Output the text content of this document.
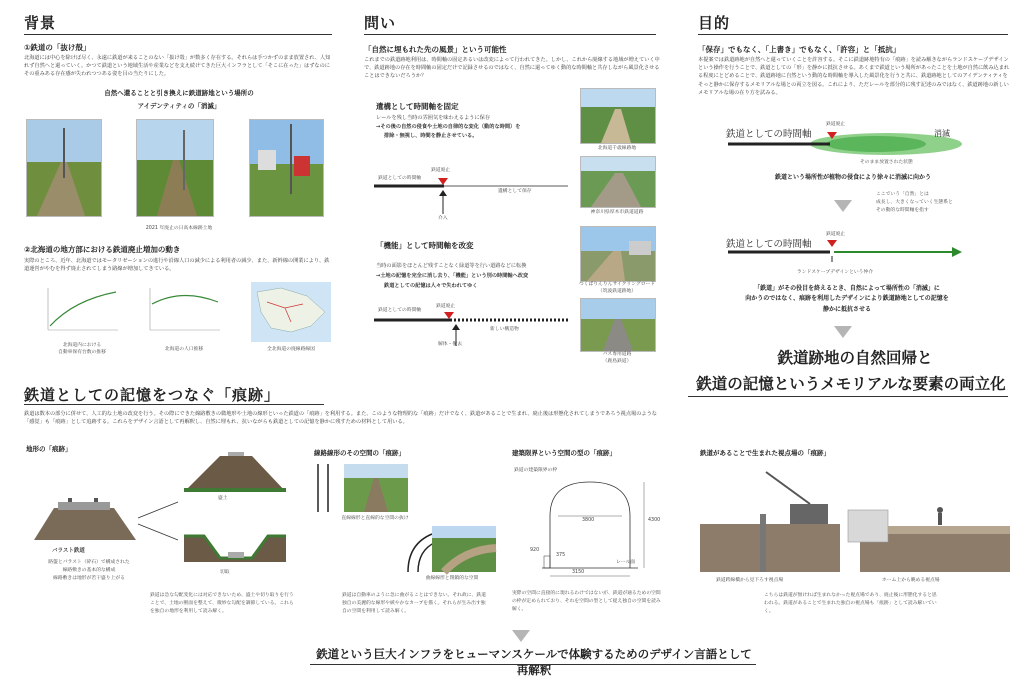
背景
①鉄道の「抜け殻」
北海道には中心を除けば尽く、永遠に鉄道が来ることのない「抜け殻」が数多く存在する。それらは手つかずのまま放置され、人知れず自然へと還っていく。かつて鉄道という地域生活や産業などを支え続けてきた巨大インフラとして「そこに在った」はずなのにその重みある存在感が失われつつある姿を目の当たりにした。
自然へ還ることと引き換えに鉄道跡地という場所の
アイデンティティの「消滅」
2021 年廃止の日高本線跡土地
②北海道の地方部における鉄道廃止増加の動き
実際のところ、近年、北海道ではモータリゼーションの進行や沿線人口の減少による利用者の減少、また、新幹線の開業により、鉄道運営がやむを得ず廃止されてしまう路線が増加してきている。
北海道内における
自動車保有台数の推移	北海道の人口推移	全北海道の廃線路線図
問い
「自然に埋もれた先の風景」という可能性
これまでの鉄道跡地利用は、時間軸の固定あるいは改変によって行われてきた。しかし、これから廃線する地域が増えていく中で、鉄道跡地の存在を時間軸の固定だけで記録させるのではなく、自然に還ってゆく動的な時間軸と共存しながら風景化させることはできないだろうか？
遺構として時間軸を固定
レールを残し当時の雰囲気を味わえるように保存
→その後の自然の侵食や土地の自律的な変化（動的な時間）を
排除・無視し、時間を静止させている。
鉄道としての時間軸
鉄道廃止
遺構として保存
介入
「機能」として時間軸を改変
当時の面影をほとんど残すことなく緑道等を行い道路などに転換
→土地の記憶を完全に消し去り、「機能」という別の時間軸へ改変
鉄道としての記憶は人々で失われてゆく
鉄道としての時間軸
鉄道廃止
新しい構造物
解体・撤去
北海道千歳線跡地
神奈川県厚木市鉄道道路
つくばりんりんサイクリングロード
（筑波鉄道跡地）
バス専用道路
（鹿島鉄道）
目的
「保存」でもなく、「上書き」でもなく、「許容」と「抵抗」
本提案では鉄道跡地が自然へと還っていくことを許容する。そこに鉄道跡地特有の「痕跡」を読み解きながらランドスケープデザインという操作を行うことで、鉄道としての「形」を静かに抵抗させる。あくまで鉄道という場所があったことを土地が自然に飲み込まれる程度にとどめることで、鉄道跡地に自然という動的な時間軸を導入した風景化を行うと共に、鉄道跡地としてのアイデンティティをそっと静かに保存するメモリアルな場との両立を図る。これにより、ただレールを部分的に残す記述のみではなく、鉄道跡地の新しいメモリアルな場の在り方を試みる。
鉄道としての時間軸
鉄道廃止
消滅
そのまま放置された状態
鉄道という場所性が植物の侵食により徐々に消滅に向かう
ここでいう「自然」とは
成長し、大きくなっていく生態系と
その動的な時間軸を指す
鉄道としての時間軸
鉄道廃止
ランドスケープデザインという仲介
「鉄道」がその役目を終えるとき、自然によって場所性の「消滅」に
向かうのではなく、痕跡を利用したデザインにより鉄道跡地としての記憶を
静かに抵抗させる
鉄道跡地の自然回帰と
鉄道の記憶というメモリアルな要素の両立化
鉄道としての記憶をつなぐ「痕跡」
鉄道は数本の部分に併せて、人工的な土地の改変を行う。その際にできた線路敷きの微地形や土地の線形といった鉄道の「痕跡」を利用する。また、このような物理的な「痕跡」だけでなく、鉄道があることで生まれ、廃止後は形態化されてしまうであろう視点場のような「感覚」も「痕跡」として追跡する。これらをデザイン言語として再解釈し、自然に埋もれ、抗いながらも鉄道としての記憶を静かに残すための材料として用いる。
地形の「痕跡」
盛土
切取
バラスト鉄道
路盤とバラスト（砕石）で構成された
線路敷きの基本的な構成
線路敷きは地形が若干盛り上がる
鉄道は急な勾配変化には対応できないため、盛土や切り取りを行うことで、土地の断面を整えて、微妙な勾配を調節している。これらを独自の地形を利用して読み解く。
線路線形のその空間の「痕跡」
直線線形と直線的な空間の抜け
曲線線形と閉鎖的な空間
鉄道は自動車のように急に曲がることはできない。それ故に、鉄道独自の美麗的な線形や緩やかなカーブを描く。それらが生み出す独自の空間を利用して読み解く。
建築限界という空間の型の「痕跡」
鉄道の建築限界の枠
3800	4300
920
375
レール面
3150
実際の空間に直接的に現れるわけではないが、鉄道が通るための空間の枠が定められており、それを空間の型として捉え独自の空間を読み解く。
鉄道があることで生まれた視点場の「痕跡」
鉄道跨線橋から見下ろす視点場	ホーム上から眺める視点場
こちらは鉄道が無ければ生まれなかった視点場であり、廃止後に形態化すると思われる。鉄道があることで生まれた独自の視点場も「痕跡」として読み解いていく。
鉄道という巨大インフラをヒューマンスケールで体験するためのデザイン言語として再解釈
